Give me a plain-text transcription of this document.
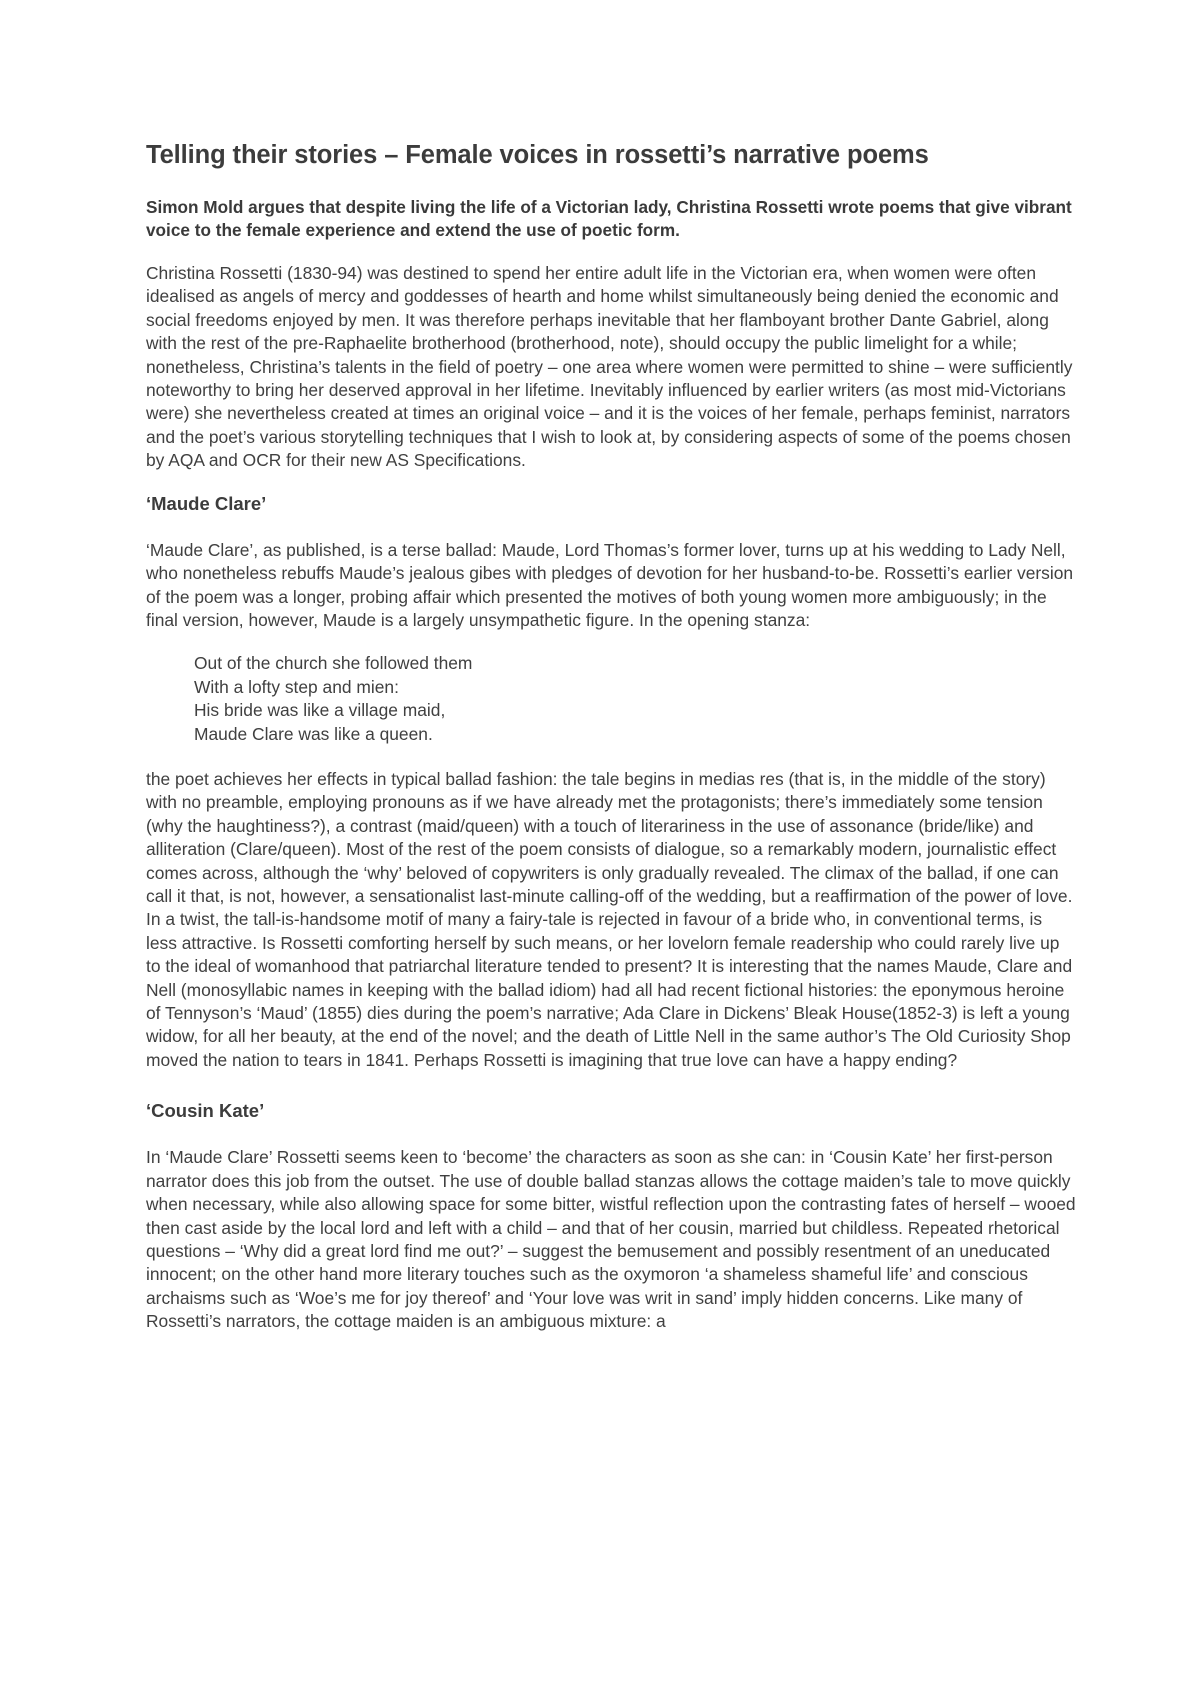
Telling their stories – Female voices in rossetti’s narrative poems

Simon Mold argues that despite living the life of a Victorian lady, Christina Rossetti wrote poems that give vibrant voice to the female experience and extend the use of poetic form.

Christina Rossetti (1830-94) was destined to spend her entire adult life in the Victorian era, when women were often idealised as angels of mercy and goddesses of hearth and home whilst simultaneously being denied the economic and social freedoms enjoyed by men. It was therefore perhaps inevitable that her flamboyant brother Dante Gabriel, along with the rest of the pre-Raphaelite brotherhood (brotherhood, note), should occupy the public limelight for a while; nonetheless, Christina’s talents in the field of poetry – one area where women were permitted to shine – were sufficiently noteworthy to bring her deserved approval in her lifetime. Inevitably influenced by earlier writers (as most mid-Victorians were) she nevertheless created at times an original voice – and it is the voices of her female, perhaps feminist, narrators and the poet’s various storytelling techniques that I wish to look at, by considering aspects of some of the poems chosen by AQA and OCR for their new AS Specifications.

‘Maude Clare’

‘Maude Clare’, as published, is a terse ballad: Maude, Lord Thomas’s former lover, turns up at his wedding to Lady Nell, who nonetheless rebuffs Maude’s jealous gibes with pledges of devotion for her husband-to-be. Rossetti’s earlier version of the poem was a longer, probing affair which presented the motives of both young women more ambiguously; in the final version, however, Maude is a largely unsympathetic figure. In the opening stanza:

Out of the church she followed them
With a lofty step and mien:
His bride was like a village maid,
Maude Clare was like a queen.

the poet achieves her effects in typical ballad fashion: the tale begins in medias res (that is, in the middle of the story) with no preamble, employing pronouns as if we have already met the protagonists; there’s immediately some tension (why the haughtiness?), a contrast (maid/queen) with a touch of literariness in the use of assonance (bride/like) and alliteration (Clare/queen). Most of the rest of the poem consists of dialogue, so a remarkably modern, journalistic effect comes across, although the ‘why’ beloved of copywriters is only gradually revealed. The climax of the ballad, if one can call it that, is not, however, a sensationalist last-minute calling-off of the wedding, but a reaffirmation of the power of love. In a twist, the tall-is-handsome motif of many a fairy-tale is rejected in favour of a bride who, in conventional terms, is less attractive. Is Rossetti comforting herself by such means, or her lovelorn female readership who could rarely live up to the ideal of womanhood that patriarchal literature tended to present? It is interesting that the names Maude, Clare and Nell (monosyllabic names in keeping with the ballad idiom) had all had recent fictional histories: the eponymous heroine of Tennyson’s ‘Maud’ (1855) dies during the poem’s narrative; Ada Clare in Dickens’ Bleak House(1852-3) is left a young widow, for all her beauty, at the end of the novel; and the death of Little Nell in the same author’s The Old Curiosity Shop moved the nation to tears in 1841. Perhaps Rossetti is imagining that true love can have a happy ending?

‘Cousin Kate’

In ‘Maude Clare’ Rossetti seems keen to ‘become’ the characters as soon as she can: in ‘Cousin Kate’ her first-person narrator does this job from the outset. The use of double ballad stanzas allows the cottage maiden’s tale to move quickly when necessary, while also allowing space for some bitter, wistful reflection upon the contrasting fates of herself – wooed then cast aside by the local lord and left with a child – and that of her cousin, married but childless. Repeated rhetorical questions – ‘Why did a great lord find me out?’ – suggest the bemusement and possibly resentment of an uneducated innocent; on the other hand more literary touches such as the oxymoron ‘a shameless shameful life’ and conscious archaisms such as ‘Woe’s me for joy thereof’ and ‘Your love was writ in sand’ imply hidden concerns. Like many of Rossetti’s narrators, the cottage maiden is an ambiguous mixture: a
